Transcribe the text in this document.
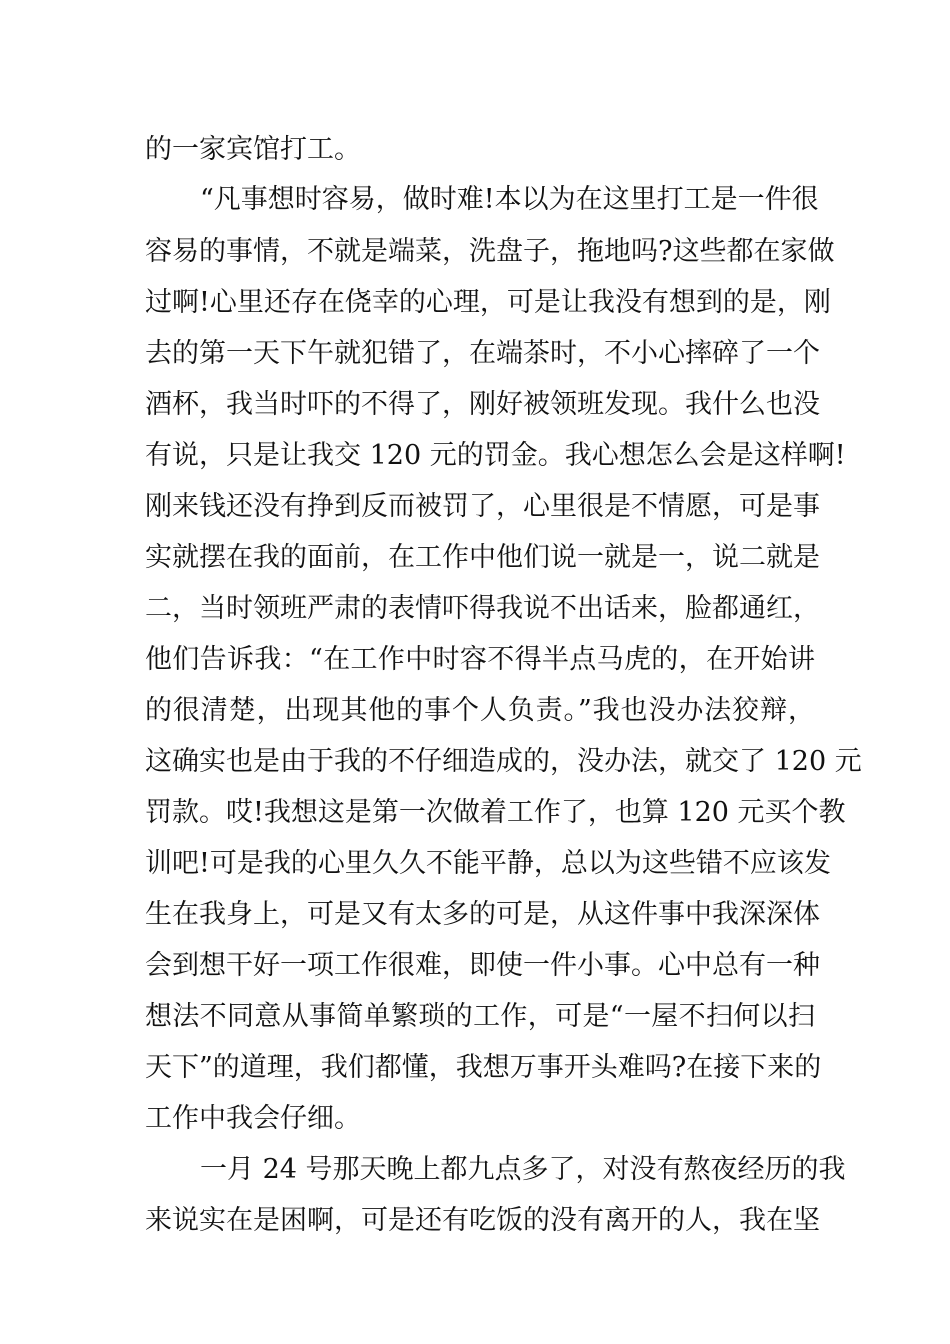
的一家宾馆打工。
“凡事想时容易，做时难!本以为在这里打工是一件很
容易的事情，不就是端菜，洗盘子，拖地吗?这些都在家做
过啊!心里还存在侥幸的心理，可是让我没有想到的是，刚
去的第一天下午就犯错了，在端茶时，不小心摔碎了一个
酒杯，我当时吓的不得了，刚好被领班发现。我什么也没
有说，只是让我交 120 元的罚金。我心想怎么会是这样啊!
刚来钱还没有挣到反而被罚了，心里很是不情愿，可是事
实就摆在我的面前，在工作中他们说一就是一，说二就是
二，当时领班严肃的表情吓得我说不出话来，脸都通红，
他们告诉我：“在工作中时容不得半点马虎的，在开始讲
的很清楚，出现其他的事个人负责。”我也没办法狡辩，
这确实也是由于我的不仔细造成的，没办法，就交了 120 元
罚款。哎!我想这是第一次做着工作了，也算 120 元买个教
训吧!可是我的心里久久不能平静，总以为这些错不应该发
生在我身上，可是又有太多的可是，从这件事中我深深体
会到想干好一项工作很难，即使一件小事。心中总有一种
想法不同意从事简单繁琐的工作，可是“一屋不扫何以扫
天下”的道理，我们都懂，我想万事开头难吗?在接下来的
工作中我会仔细。
一月 24 号那天晚上都九点多了，对没有熬夜经历的我
来说实在是困啊，可是还有吃饭的没有离开的人，我在坚
